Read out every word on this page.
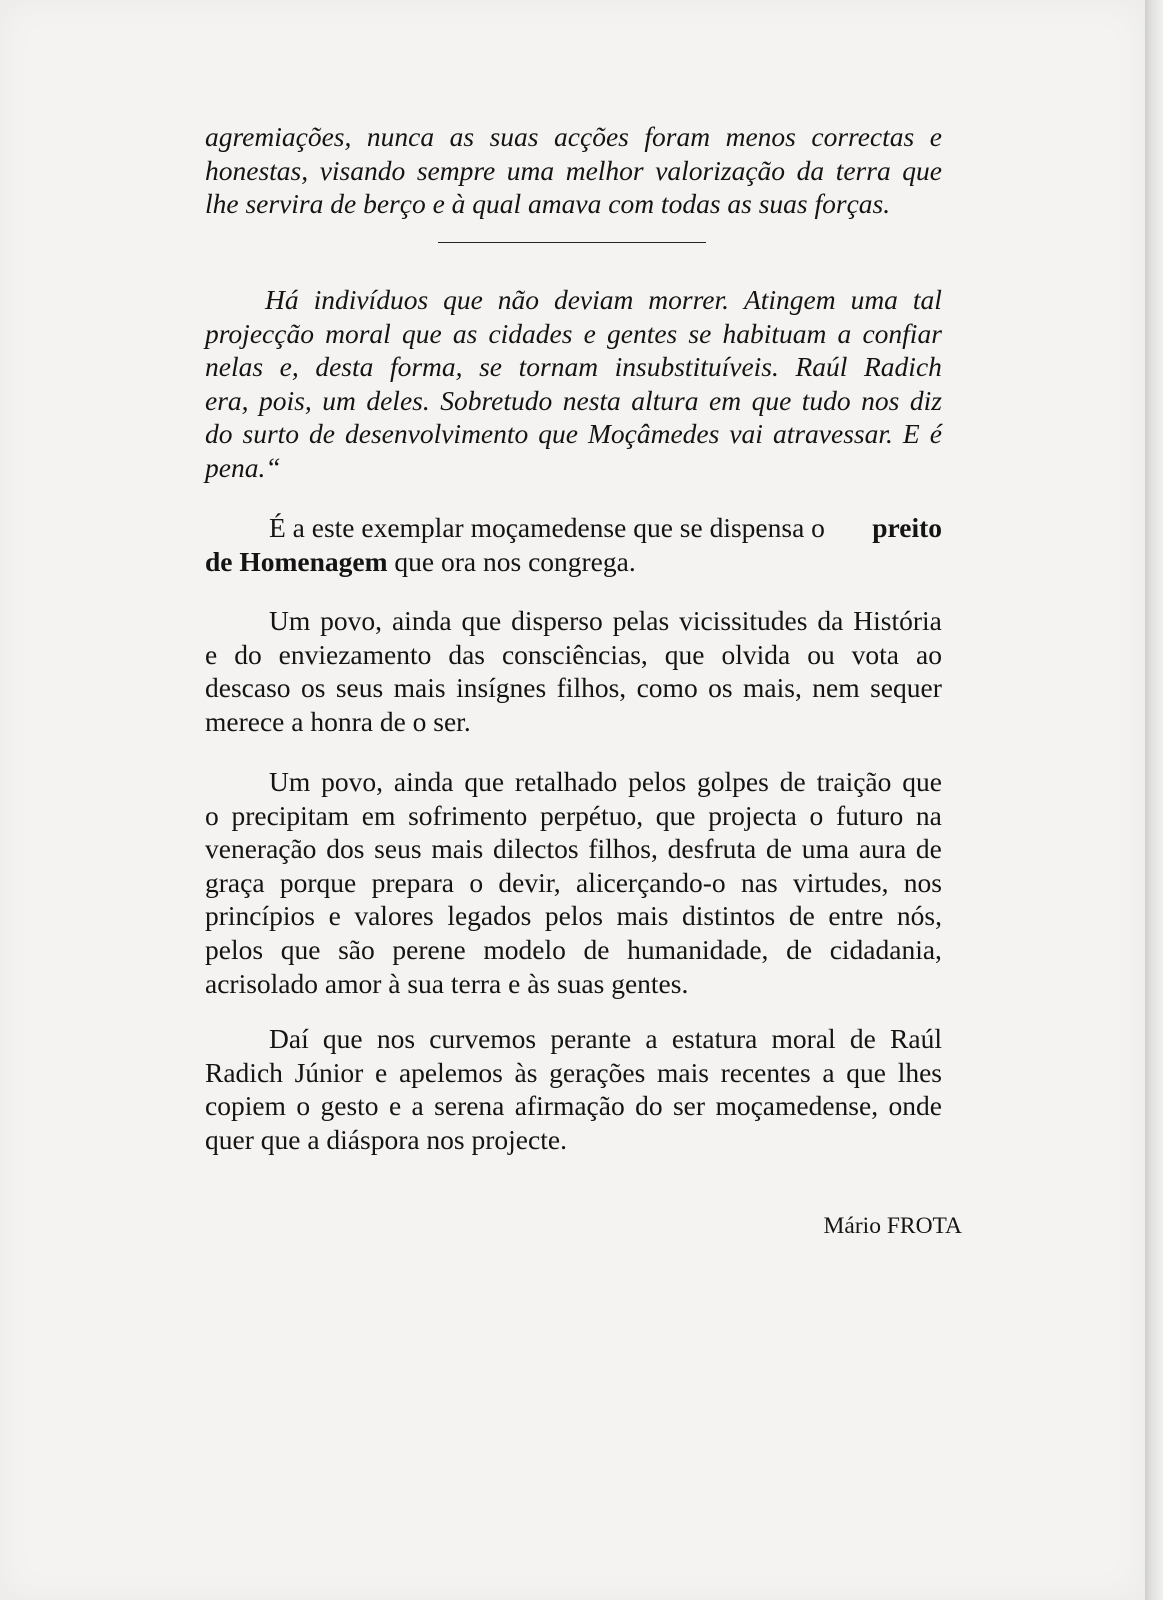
agremiações, nunca as suas acções foram menos correctas e
honestas, visando sempre uma melhor valorização da terra que
lhe servira de berço e à qual amava com todas as suas forças.
Há indivíduos que não deviam morrer. Atingem uma tal
projecção moral que as cidades e gentes se habituam a confiar
nelas e, desta forma, se tornam insubstituíveis. Raúl Radich
era, pois, um deles. Sobretudo nesta altura em que tudo nos diz
do surto de desenvolvimento que Moçâmedes vai atravessar. E é
pena.“
É a este exemplar moçamedense que se dispensa o preito
de Homenagem que ora nos congrega.
Um povo, ainda que disperso pelas vicissitudes da História
e do enviezamento das consciências, que olvida ou vota ao
descaso os seus mais insígnes filhos, como os mais, nem sequer
merece a honra de o ser.
Um povo, ainda que retalhado pelos golpes de traição que
o precipitam em sofrimento perpétuo, que projecta o futuro na
veneração dos seus mais dilectos filhos, desfruta de uma aura de
graça porque prepara o devir, alicerçando-o nas virtudes, nos
princípios e valores legados pelos mais distintos de entre nós,
pelos que são perene modelo de humanidade, de cidadania,
acrisolado amor à sua terra e às suas gentes.
Daí que nos curvemos perante a estatura moral de Raúl
Radich Júnior e apelemos às gerações mais recentes a que lhes
copiem o gesto e a serena afirmação do ser moçamedense, onde
quer que a diáspora nos projecte.
Mário FROTA
